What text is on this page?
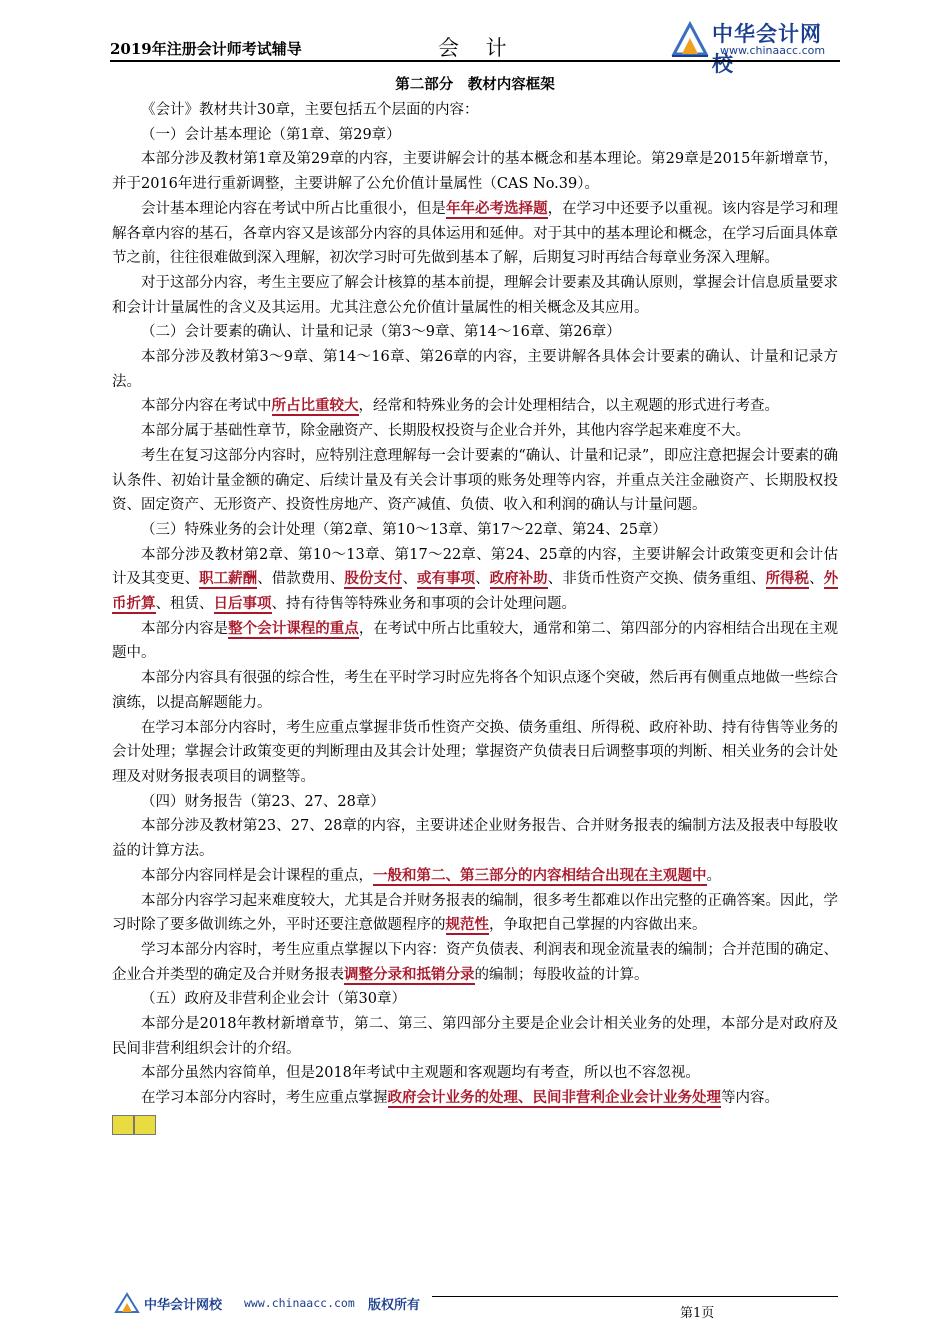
2019年注册会计师考试辅导	会 计
中华会计网校
www.chinaacc.com
第二部分　教材内容框架

《会计》教材共计30章，主要包括五个层面的内容：

（一）会计基本理论（第1章、第29章）

本部分涉及教材第1章及第29章的内容，主要讲解会计的基本概念和基本理论。第29章是2015年新增章节，并于2016年进行重新调整，主要讲解了公允价值计量属性（CAS No.39）。

会计基本理论内容在考试中所占比重很小，但是年年必考选择题，在学习中还要予以重视。该内容是学习和理解各章内容的基石，各章内容又是该部分内容的具体运用和延伸。对于其中的基本理论和概念，在学习后面具体章节之前，往往很难做到深入理解，初次学习时可先做到基本了解，后期复习时再结合每章业务深入理解。

对于这部分内容，考生主要应了解会计核算的基本前提，理解会计要素及其确认原则，掌握会计信息质量要求和会计计量属性的含义及其运用。尤其注意公允价值计量属性的相关概念及其应用。

（二）会计要素的确认、计量和记录（第3～9章、第14～16章、第26章）

本部分涉及教材第3～9章、第14～16章、第26章的内容，主要讲解各具体会计要素的确认、计量和记录方法。

本部分内容在考试中所占比重较大，经常和特殊业务的会计处理相结合，以主观题的形式进行考查。

本部分属于基础性章节，除金融资产、长期股权投资与企业合并外，其他内容学起来难度不大。

考生在复习这部分内容时，应特别注意理解每一会计要素的“确认、计量和记录”，即应注意把握会计要素的确认条件、初始计量金额的确定、后续计量及有关会计事项的账务处理等内容，并重点关注金融资产、长期股权投资、固定资产、无形资产、投资性房地产、资产减值、负债、收入和利润的确认与计量问题。

（三）特殊业务的会计处理（第2章、第10～13章、第17～22章、第24、25章）

本部分涉及教材第2章、第10～13章、第17～22章、第24、25章的内容，主要讲解会计政策变更和会计估计及其变更、职工薪酬、借款费用、股份支付、或有事项、政府补助、非货币性资产交换、债务重组、所得税、外币折算、租赁、日后事项、持有待售等特殊业务和事项的会计处理问题。

本部分内容是整个会计课程的重点，在考试中所占比重较大，通常和第二、第四部分的内容相结合出现在主观题中。

本部分内容具有很强的综合性，考生在平时学习时应先将各个知识点逐个突破，然后再有侧重点地做一些综合演练，以提高解题能力。

在学习本部分内容时，考生应重点掌握非货币性资产交换、债务重组、所得税、政府补助、持有待售等业务的会计处理；掌握会计政策变更的判断理由及其会计处理；掌握资产负债表日后调整事项的判断、相关业务的会计处理及对财务报表项目的调整等。

（四）财务报告（第23、27、28章）

本部分涉及教材第23、27、28章的内容，主要讲述企业财务报告、合并财务报表的编制方法及报表中每股收益的计算方法。

本部分内容同样是会计课程的重点，一般和第二、第三部分的内容相结合出现在主观题中。

本部分内容学习起来难度较大，尤其是合并财务报表的编制，很多考生都难以作出完整的正确答案。因此，学习时除了要多做训练之外，平时还要注意做题程序的规范性，争取把自己掌握的内容做出来。

学习本部分内容时，考生应重点掌握以下内容：资产负债表、利润表和现金流量表的编制；合并范围的确定、企业合并类型的确定及合并财务报表调整分录和抵销分录的编制；每股收益的计算。

（五）政府及非营利企业会计（第30章）

本部分是2018年教材新增章节，第二、第三、第四部分主要是企业会计相关业务的处理，本部分是对政府及民间非营利组织会计的介绍。

本部分虽然内容简单，但是2018年考试中主观题和客观题均有考查，所以也不容忽视。

在学习本部分内容时，考生应重点掌握政府会计业务的处理、民间非营利企业会计业务处理等内容。

中华会计网校 www.chinaacc.com 版权所有
第1页
